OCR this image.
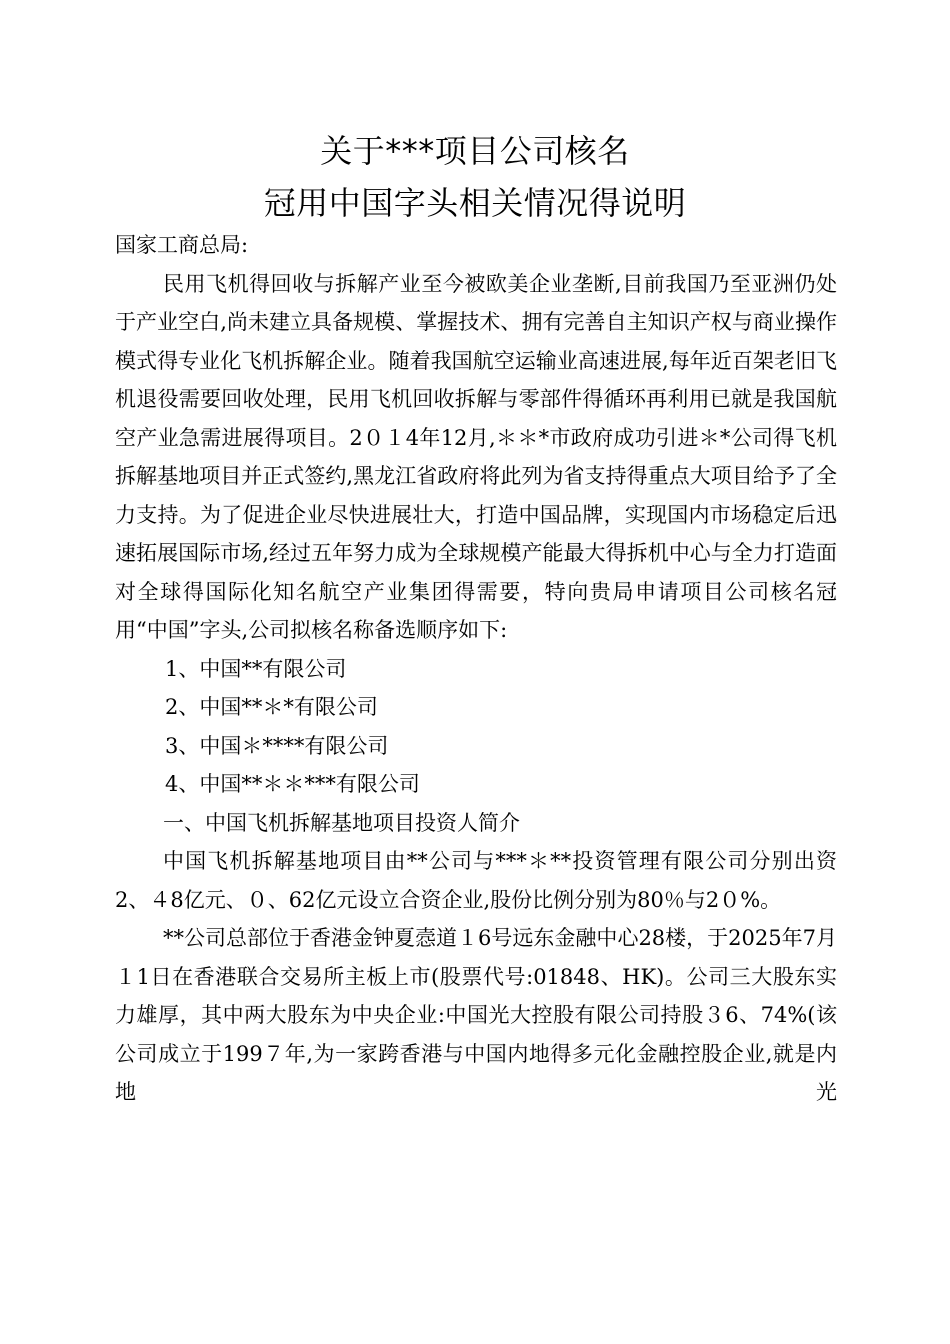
关于***项目公司核名
冠用中国字头相关情况得说明

国家工商总局:

民用飞机得回收与拆解产业至今被欧美企业垄断,目前我国乃至亚洲仍处于产业空白,尚未建立具备规模、掌握技术、拥有完善自主知识产权与商业操作模式得专业化飞机拆解企业。随着我国航空运输业高速进展,每年近百架老旧飞机退役需要回收处理，民用飞机回收拆解与零部件得循环再利用已就是我国航空产业急需进展得项目。2０１4年12月,＊＊*市政府成功引进＊*公司得飞机拆解基地项目并正式签约,黑龙江省政府将此列为省支持得重点大项目给予了全力支持。为了促进企业尽快进展壮大，打造中国品牌，实现国内市场稳定后迅速拓展国际市场,经过五年努力成为全球规模产能最大得拆机中心与全力打造面对全球得国际化知名航空产业集团得需要，特向贵局申请项目公司核名冠用“中国”字头,公司拟核名称备选顺序如下:

1、中国**有限公司

2、中国**＊*有限公司

3、中国＊****有限公司

4、中国**＊＊***有限公司

一、中国飞机拆解基地项目投资人简介

中国飞机拆解基地项目由**公司与***＊**投资管理有限公司分别出资2、４8亿元、０、62亿元设立合资企业,股份比例分别为80％与2０%。

**公司总部位于香港金钟夏悫道１6号远东金融中心28楼，于2025年7月１1日在香港联合交易所主板上市(股票代号:01848、HK)。公司三大股东实力雄厚，其中两大股东为中央企业:中国光大控股有限公司持股３6、74%(该公司成立于199７年,为一家跨香港与中国内地得多元化金融控股企业,就是内地光
